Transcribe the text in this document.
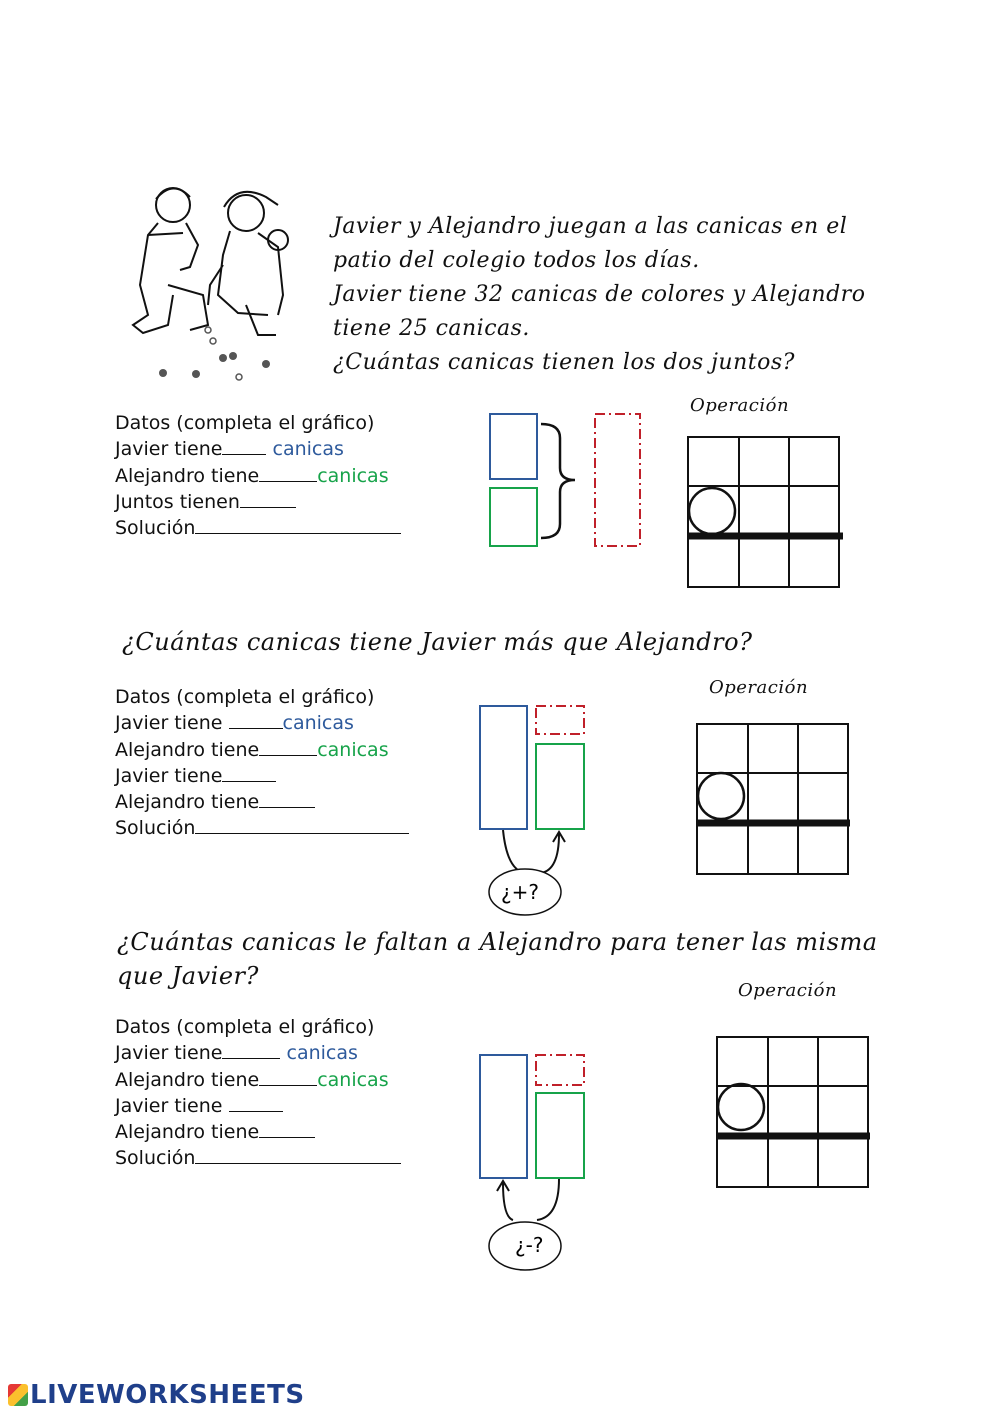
Javier y Alejandro juegan a las canicas en el
patio del colegio todos los días.
Javier tiene 32 canicas de colores y Alejandro
tiene 25 canicas.
¿Cuántas canicas tienen los dos juntos?
Datos (completa el gráfico)
Javier tiene	canicas
Alejandro tiene	canicas
Juntos tienen
Solución
Operación
¿Cuántas canicas tiene Javier más que Alejandro?
Datos (completa el gráfico)
Javier tiene	canicas
Alejandro tiene	canicas
Javier tiene
Alejandro tiene
Solución
¿+?
Operación
¿Cuántas canicas le faltan a Alejandro para tener las misma
que Javier?
Datos (completa el gráfico)
Javier tiene	canicas
Alejandro tiene	canicas
Javier tiene
Alejandro tiene
Solución
¿-?
Operación
LIVEWORKSHEETS
